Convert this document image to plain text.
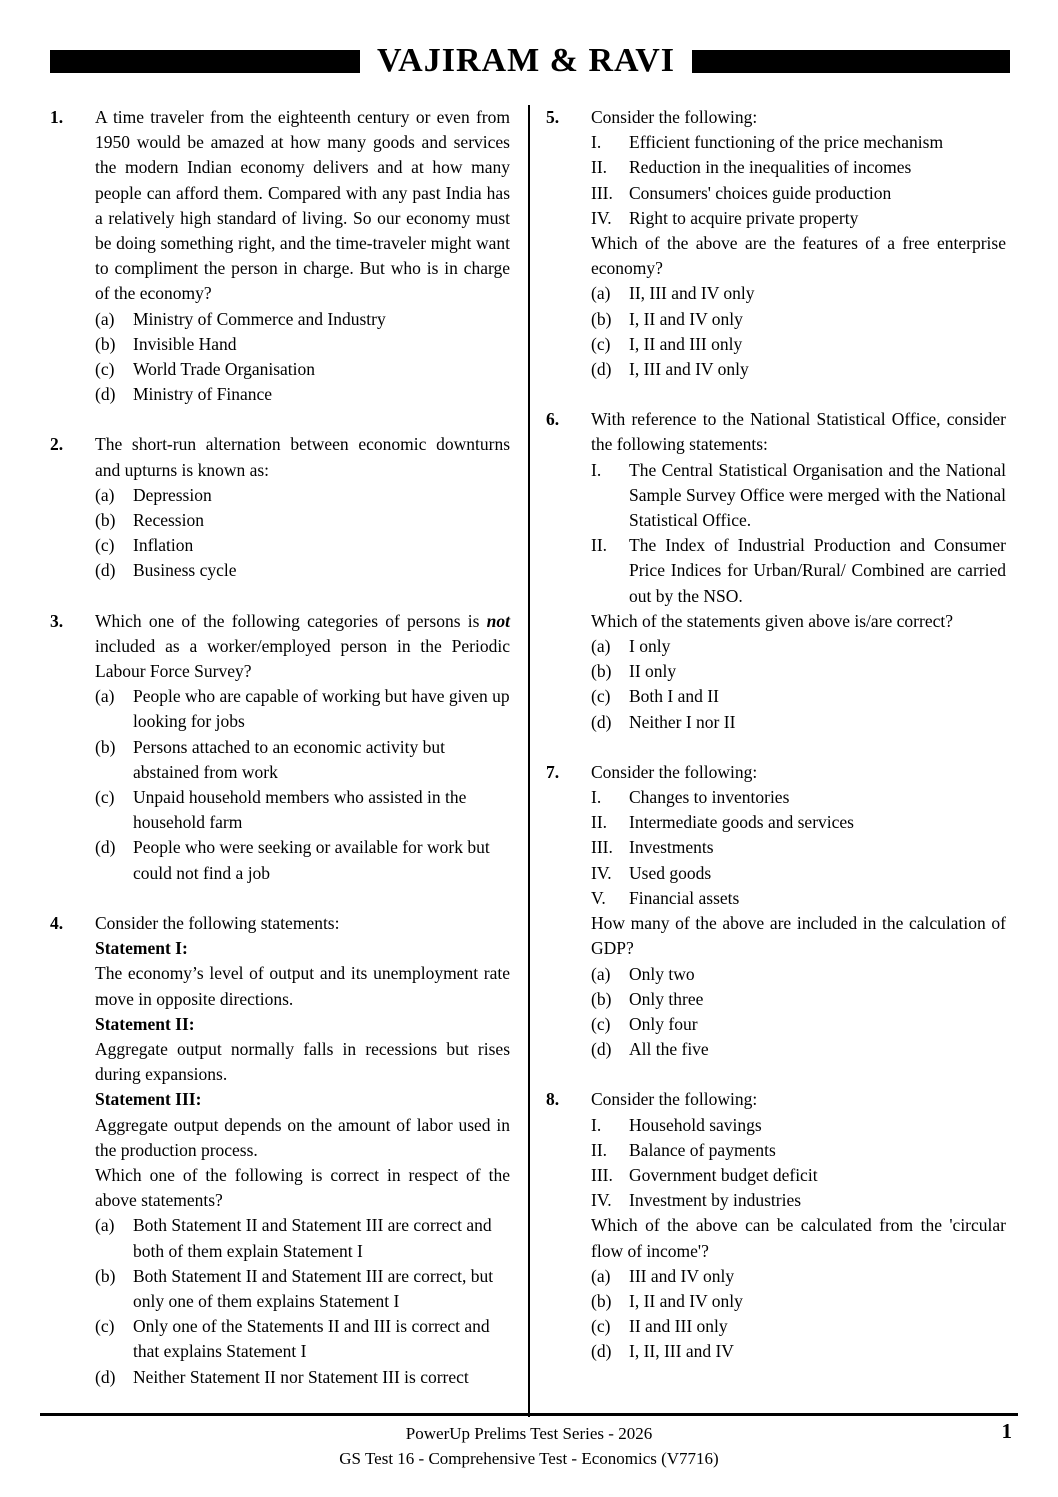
VAJIRAM & RAVI
1.	A time traveler from the eighteenth century or even from 1950 would be amazed at how many goods and services the modern Indian economy delivers and at how many people can afford them. Compared with any past India has a relatively high standard of living. So our economy must be doing something right, and the time-traveler might want to compliment the person in charge. But who is in charge of the economy?

(a)	Ministry of Commerce and Industry
(b)	Invisible Hand
(c)	World Trade Organisation
(d)	Ministry of Finance
2.	The short-run alternation between economic downturns and upturns is known as:

(a)	Depression
(b)	Recession
(c)	Inflation
(d)	Business cycle
3.	Which one of the following categories of persons is not included as a worker/employed person in the Periodic Labour Force Survey?

(a)	People who are capable of working but have given up looking for jobs
(b)	Persons attached to an economic activity but abstained from work
(c)	Unpaid household members who assisted in the household farm
(d)	People who were seeking or available for work but could not find a job
4.	Consider the following statements:

Statement I:

The economy’s level of output and its unemployment rate move in opposite directions.

Statement II:

Aggregate output normally falls in recessions but rises during expansions.

Statement III:

Aggregate output depends on the amount of labor used in the production process.

Which one of the following is correct in respect of the above statements?

(a)	Both Statement II and Statement III are correct and both of them explain Statement I
(b)	Both Statement II and Statement III are correct, but only one of them explains Statement I
(c)	Only one of the Statements II and III is correct and that explains Statement I
(d)	Neither Statement II nor Statement III is correct
5.	Consider the following:

I.	Efficient functioning of the price mechanism
II.	Reduction in the inequalities of incomes
III. Consumers' choices guide production
IV. Right to acquire private property

Which of the above are the features of a free enterprise economy?

(a)	II, III and IV only
(b)	I, II and IV only
(c)	I, II and III only
(d)	I, III and IV only
6.	With reference to the National Statistical Office, consider the following statements:

I.	The Central Statistical Organisation and the National Sample Survey Office were merged with the National Statistical Office.
II.	The Index of Industrial Production and Consumer Price Indices for Urban/Rural/ Combined are carried out by the NSO.

Which of the statements given above is/are correct?

(a)	I only
(b)	II only
(c)	Both I and II
(d)	Neither I nor II
7.	Consider the following:

I.	Changes to inventories
II.	Intermediate goods and services
III. Investments
IV. Used goods
V.	Financial assets

How many of the above are included in the calculation of GDP?

(a)	Only two
(b)	Only three
(c)	Only four
(d)	All the five
8.	Consider the following:

I.	Household savings
II.	Balance of payments
III. Government budget deficit
IV. Investment by industries

Which of the above can be calculated from the 'circular flow of income'?

(a)	III and IV only
(b)	I, II and IV only
(c)	II and III only
(d)	I, II, III and IV
1
PowerUp Prelims Test Series - 2026
GS Test 16 - Comprehensive Test - Economics (V7716)
